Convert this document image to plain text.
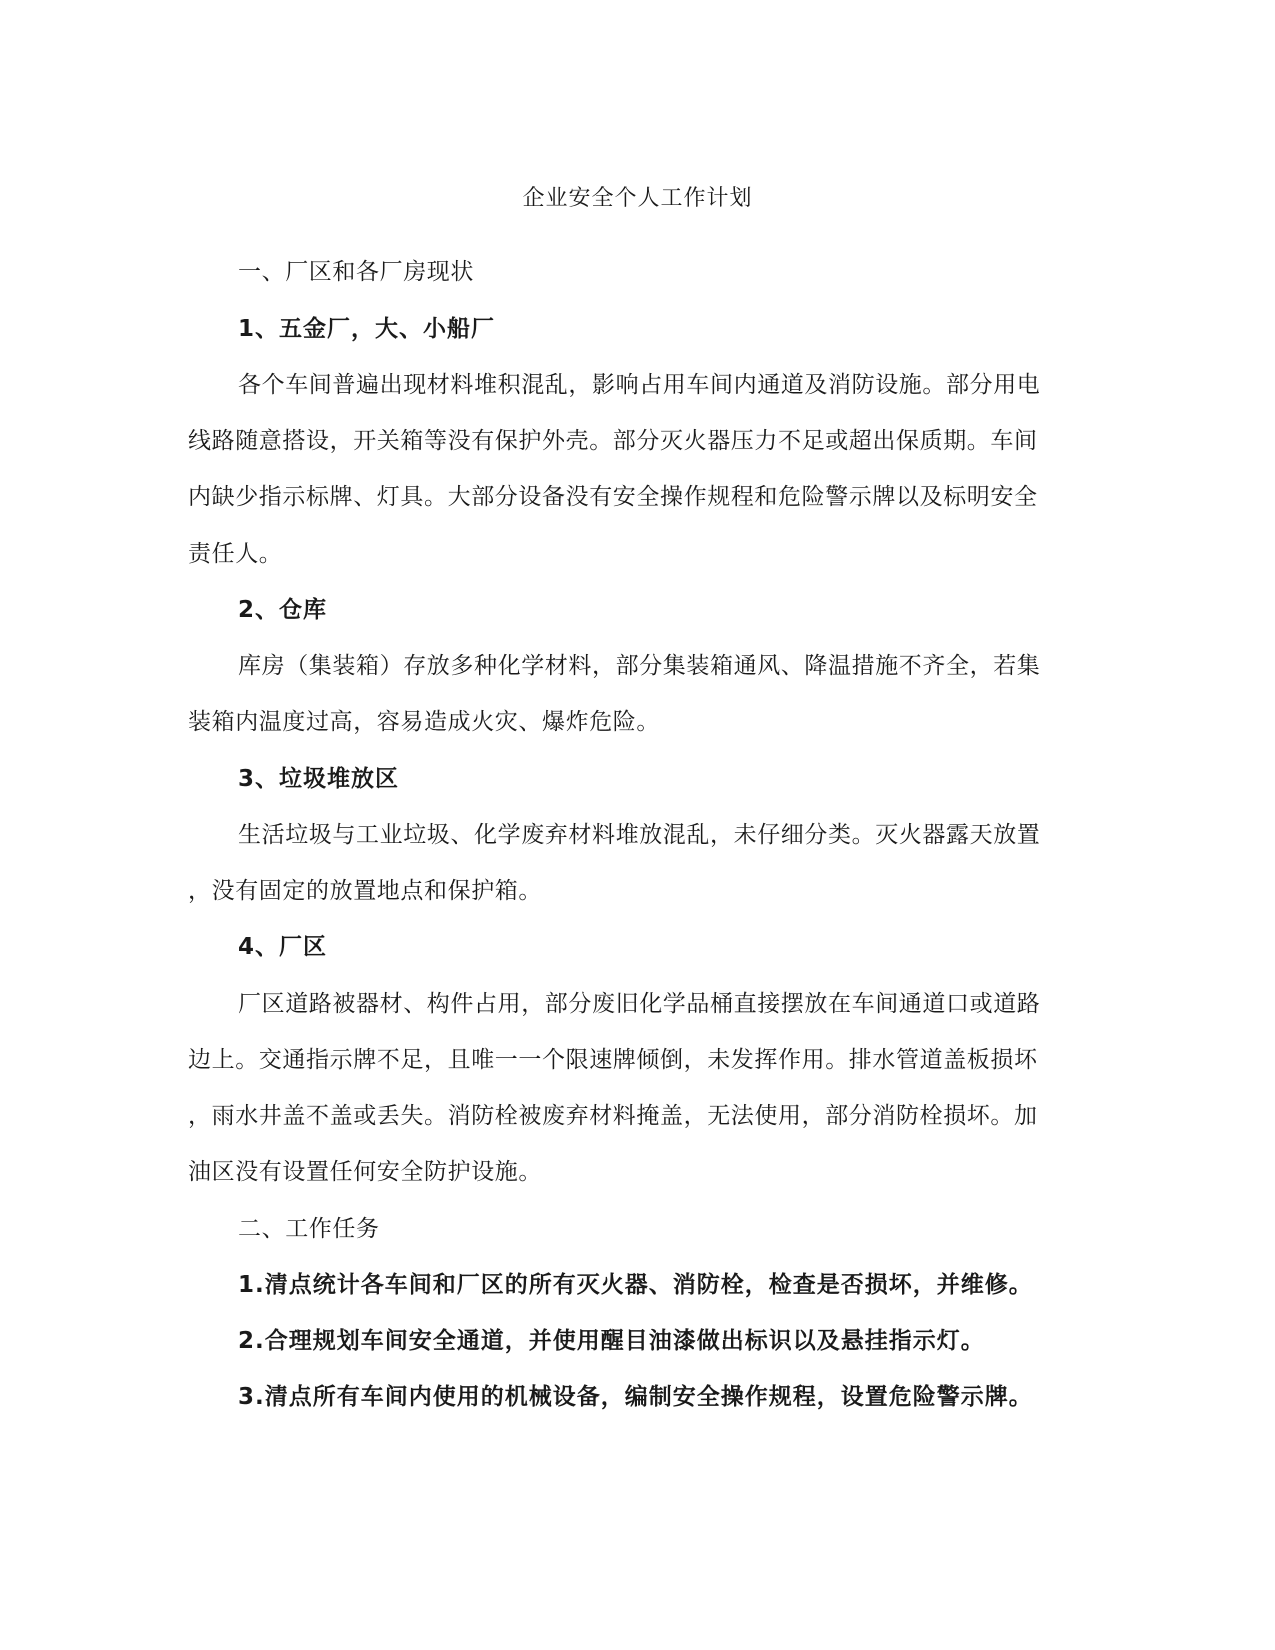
企业安全个人工作计划
一、厂区和各厂房现状
1、五金厂，大、小船厂
各个车间普遍出现材料堆积混乱，影响占用车间内通道及消防设施。部分用电
线路随意搭设，开关箱等没有保护外壳。部分灭火器压力不足或超出保质期。车间
内缺少指示标牌、灯具。大部分设备没有安全操作规程和危险警示牌以及标明安全
责任人。
2、仓库
库房（集装箱）存放多种化学材料，部分集装箱通风、降温措施不齐全，若集
装箱内温度过高，容易造成火灾、爆炸危险。
3、垃圾堆放区
生活垃圾与工业垃圾、化学废弃材料堆放混乱，未仔细分类。灭火器露天放置
，没有固定的放置地点和保护箱。
4、厂区
厂区道路被器材、构件占用，部分废旧化学品桶直接摆放在车间通道口或道路
边上。交通指示牌不足，且唯一一个限速牌倾倒，未发挥作用。排水管道盖板损坏
，雨水井盖不盖或丢失。消防栓被废弃材料掩盖，无法使用，部分消防栓损坏。加
油区没有设置任何安全防护设施。
二、工作任务
1.清点统计各车间和厂区的所有灭火器、消防栓，检查是否损坏，并维修。
2.合理规划车间安全通道，并使用醒目油漆做出标识以及悬挂指示灯。
3.清点所有车间内使用的机械设备，编制安全操作规程，设置危险警示牌。
